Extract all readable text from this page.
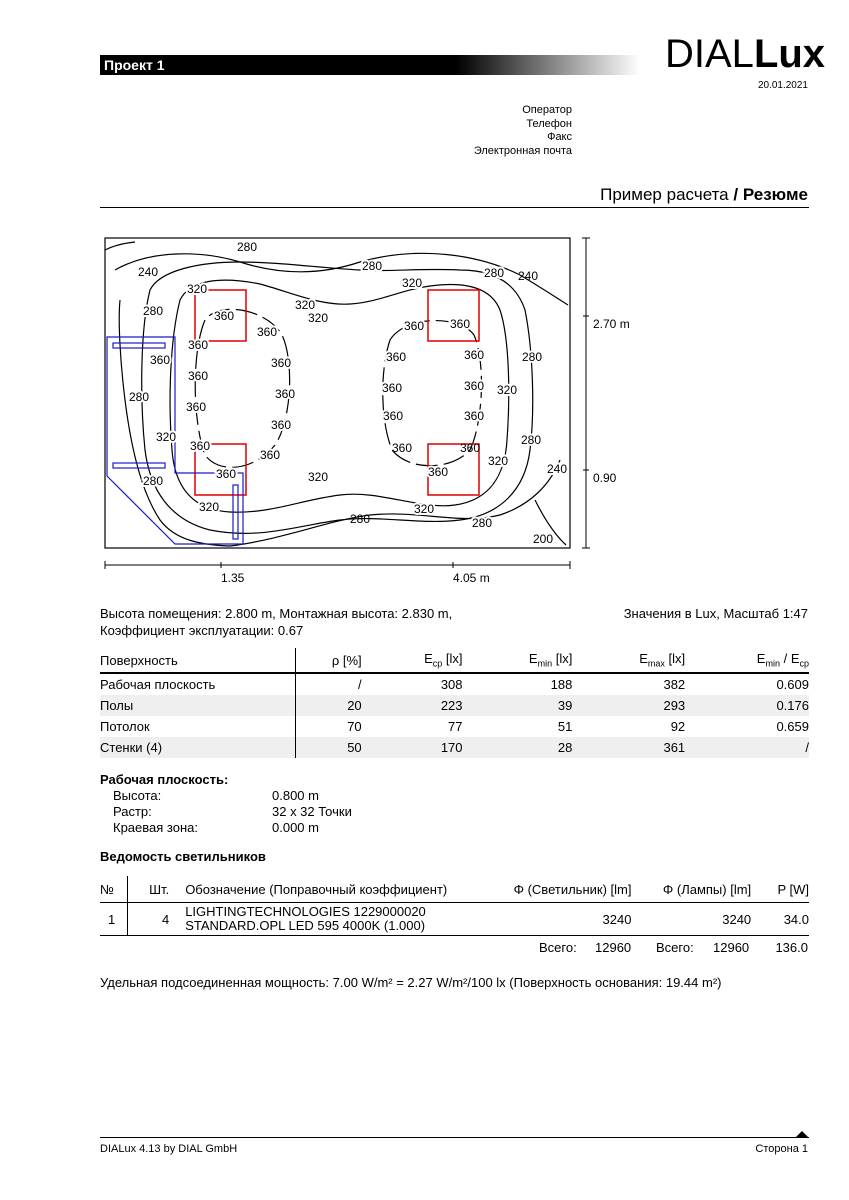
Проект 1	DIALLux
20.01.2021
Оператор
Телефон
Факс
Электронная почта
Пример расчета / Резюме
2.70 m
0.90
1.35	4.05 m
280
280
240	280
320	320
360
360
320
360	360
280
280
360
360
360	360	360
360
360	360	360
360
320
360
320
360	360
360
360
280
320
320
320
280
240
280
320	320
280
200
360	360
240
280
360	360
Высота помещения: 2.800 m, Монтажная высота: 2.830 m,
Коэффициент эксплуатации: 0.67
Значения в Lux, Масштаб 1:47
Поверхность	ρ [%]	$E_{cp}$ [lx]	$E_{min}$ [lx]	$E_{max}$ [lx]	$E_{min} / E_{cp}$
Рабочая плоскость	/	308	188	382	0.609
Полы	20	223	39	293	0.176
Потолок	70	77	51	92	0.659
Стенки (4)	50	170	28	361	/
Рабочая плоскость:
Высота:	0.800 m
Растр:	32 x 32 Точки
Краевая зона:	0.000 m
Ведомость светильников
№	Шт.	Обозначение (Поправочный коэффициент)	Φ (Светильник) [lm]	Φ (Лампы) [lm]	P [W]
1	4	LIGHTINGTECHNOLOGIES 1229000020
STANDARD.OPL LED 595 4000K (1.000)	3240	3240	34.0
Всего: 12960 Всего: 12960 136.0
Удельная подсоединенная мощность: 7.00 W/m² = 2.27 W/m²/100 lx (Поверхность основания: 19.44 m²)
DIALux 4.13 by DIAL GmbH	Сторона 1
